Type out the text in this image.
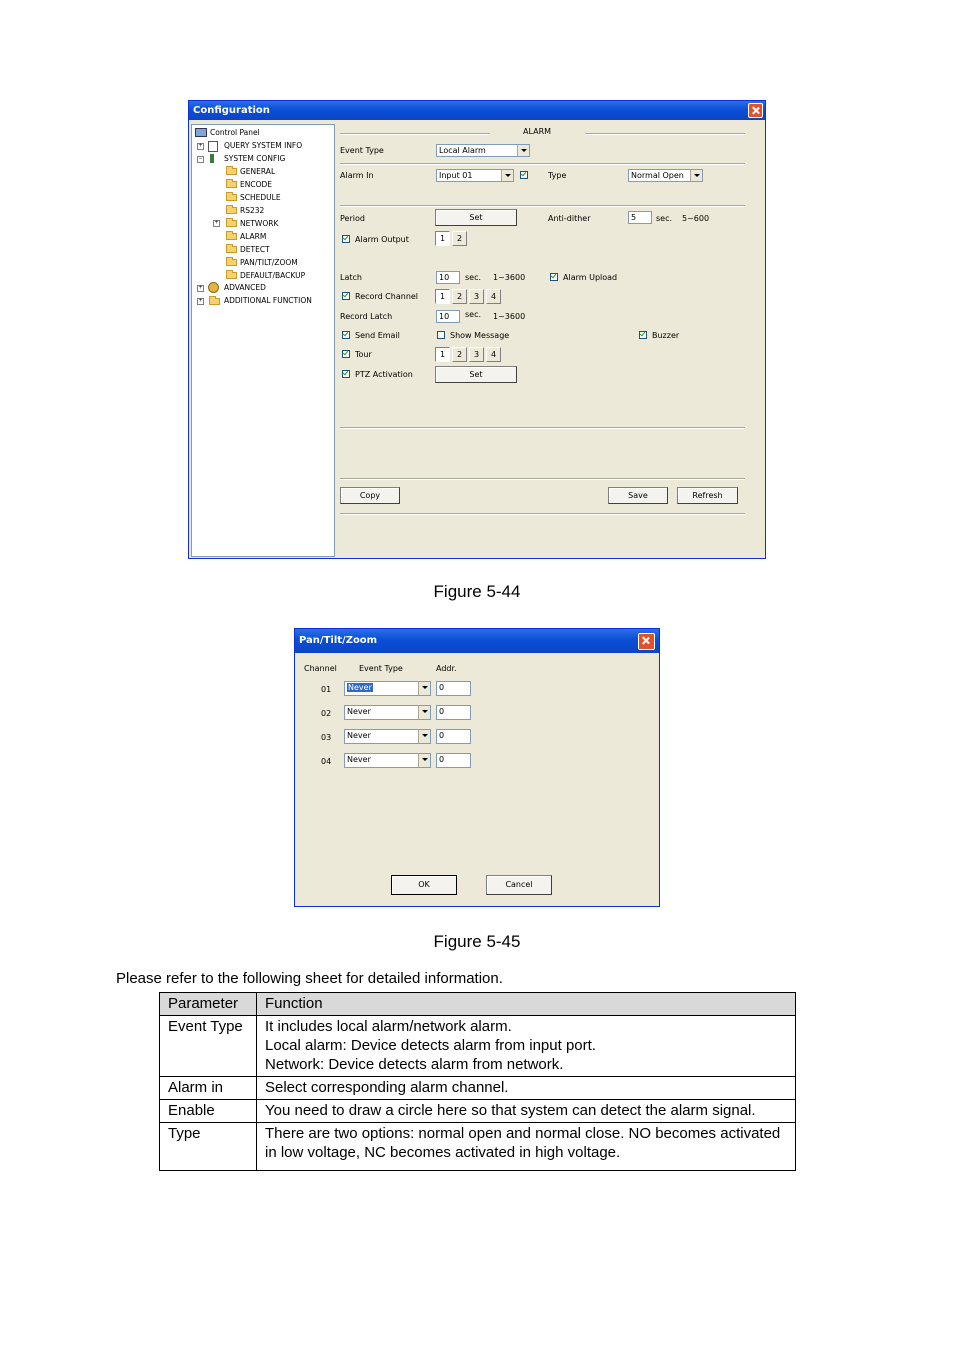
Configuration
Control Panel
+	QUERY SYSTEM INFO
−	SYSTEM CONFIG
GENERAL
ENCODE
SCHEDULE
RS232
+	NETWORK
ALARM
DETECT
PAN/TILT/ZOOM
DEFAULT/BACKUP
+	ADVANCED
+	ADDITIONAL FUNCTION
ALARM
Event Type	Local Alarm
Alarm In	Input 01	Type	Normal Open
Period	Set	Anti-dither	5	sec. 5~600
Alarm Output	1	2
Latch	10	sec. 1~3600	Alarm Upload
Record Channel	1	2	3	4
Record Latch	10	sec. 1~3600
Send Email	Show Message	Buzzer
Tour	1	2	3	4
PTZ Activation	Set
Copy	Save	Refresh
Figure 5-44
Pan/Tilt/Zoom
Channel	Event Type	Addr.
01	Never	0
02	Never	0
03	Never	0
04	Never	0
OK	Cancel
Figure 5-45
Please refer to the following sheet for detailed information.
Parameter	Function
Event Type	It includes local alarm/network alarm.
Local alarm: Device detects alarm from input port.
Network: Device detects alarm from network.

Alarm in	Select corresponding alarm channel.

Enable	You need to draw a circle here so that system can detect the alarm signal.

Type	There are two options: normal open and normal close. NO becomes activated in low voltage, NC becomes activated in high voltage.
